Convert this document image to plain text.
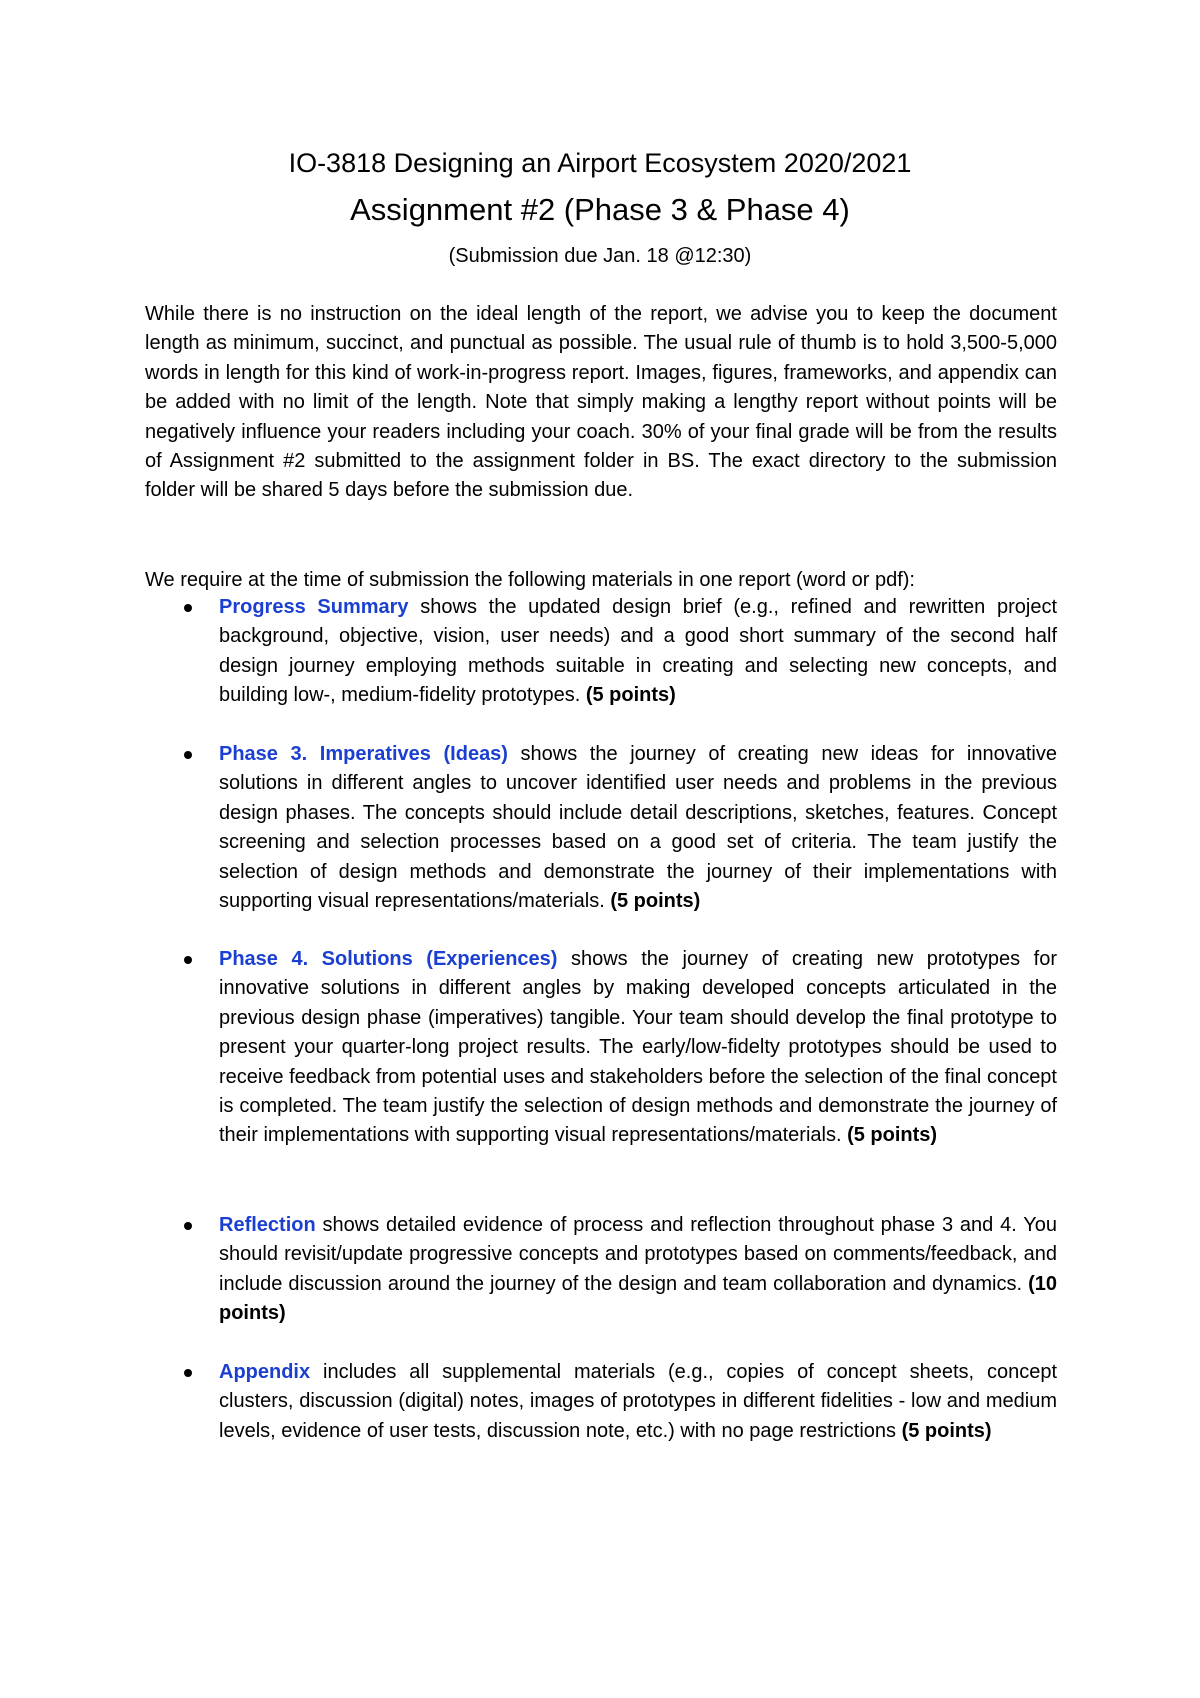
IO-3818 Designing an Airport Ecosystem 2020/2021
Assignment #2 (Phase 3 & Phase 4)
(Submission due Jan. 18 @12:30)

While there is no instruction on the ideal length of the report, we advise you to keep the document length as minimum, succinct, and punctual as possible. The usual rule of thumb is to hold 3,500-5,000 words in length for this kind of work-in-progress report. Images, figures, frameworks, and appendix can be added with no limit of the length. Note that simply making a lengthy report without points will be negatively influence your readers including your coach. 30% of your final grade will be from the results of Assignment #2 submitted to the assignment folder in BS. The exact directory to the submission folder will be shared 5 days before the submission due.

We require at the time of submission the following materials in one report (word or pdf):

Progress Summary shows the updated design brief (e.g., refined and rewritten project background, objective, vision, user needs) and a good short summary of the second half design journey employing methods suitable in creating and selecting new concepts, and building low-, medium-fidelity prototypes. (5 points)

Phase 3. Imperatives (Ideas) shows the journey of creating new ideas for innovative solutions in different angles to uncover identified user needs and problems in the previous design phases. The concepts should include detail descriptions, sketches, features. Concept screening and selection processes based on a good set of criteria. The team justify the selection of design methods and demonstrate the journey of their implementations with supporting visual representations/materials. (5 points)

Phase 4. Solutions (Experiences) shows the journey of creating new prototypes for innovative solutions in different angles by making developed concepts articulated in the previous design phase (imperatives) tangible. Your team should develop the final prototype to present your quarter-long project results. The early/low-fidelty prototypes should be used to receive feedback from potential uses and stakeholders before the selection of the final concept is completed. The team justify the selection of design methods and demonstrate the journey of their implementations with supporting visual representations/materials. (5 points)

Reflection shows detailed evidence of process and reflection throughout phase 3 and 4. You should revisit/update progressive concepts and prototypes based on comments/feedback, and include discussion around the journey of the design and team collaboration and dynamics. (10 points)

Appendix includes all supplemental materials (e.g., copies of concept sheets, concept clusters, discussion (digital) notes, images of prototypes in different fidelities - low and medium levels, evidence of user tests, discussion note, etc.) with no page restrictions (5 points)
